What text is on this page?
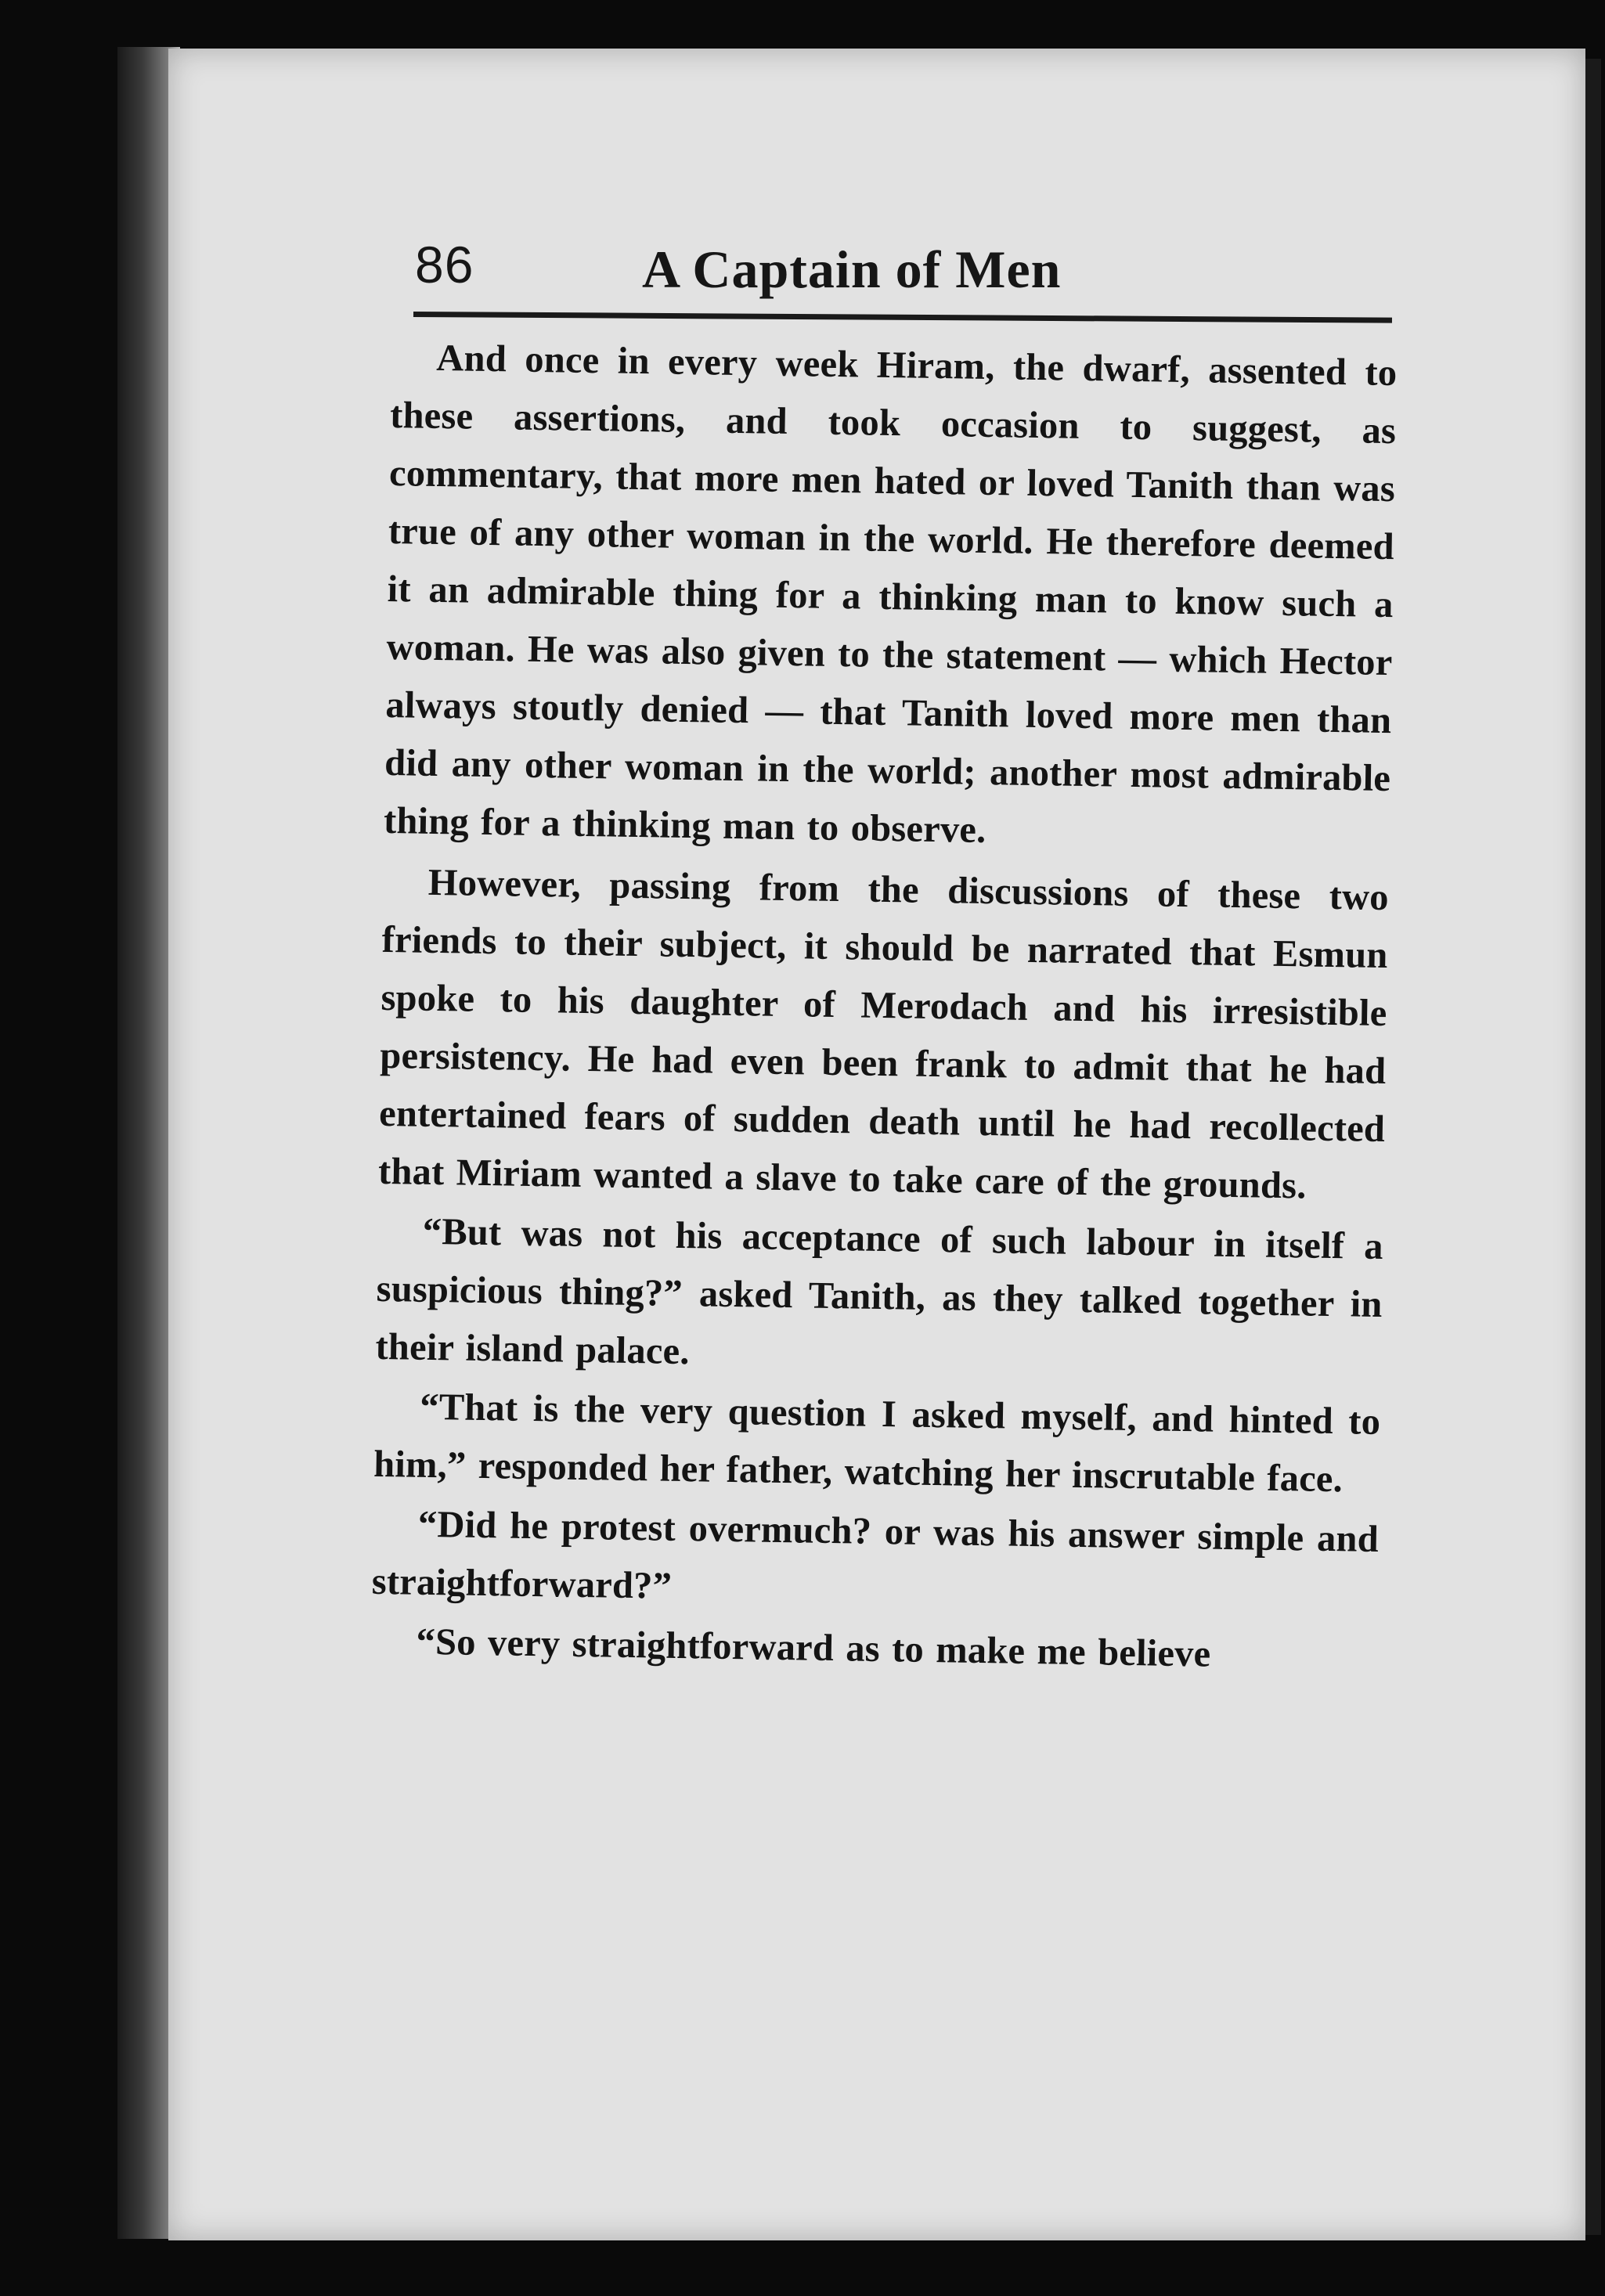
86	A Captain of Men

And once in every week Hiram, the dwarf, assented to these assertions, and took occasion to suggest, as commentary, that more men hated or loved Tanith than was true of any other woman in the world. He therefore deemed it an admirable thing for a thinking man to know such a woman. He was also given to the statement — which Hector always stoutly denied — that Tanith loved more men than did any other woman in the world; another most admirable thing for a thinking man to observe.

However, passing from the discussions of these two friends to their subject, it should be narrated that Esmun spoke to his daughter of Merodach and his irresistible persistency. He had even been frank to admit that he had entertained fears of sudden death until he had recollected that Miriam wanted a slave to take care of the grounds.

“But was not his acceptance of such labour in itself a suspicious thing?” asked Tanith, as they talked together in their island palace.

“That is the very question I asked myself, and hinted to him,” responded her father, watching her inscrutable face.

“Did he protest overmuch? or was his answer simple and straightforward?”

“So very straightforward as to make me believe
